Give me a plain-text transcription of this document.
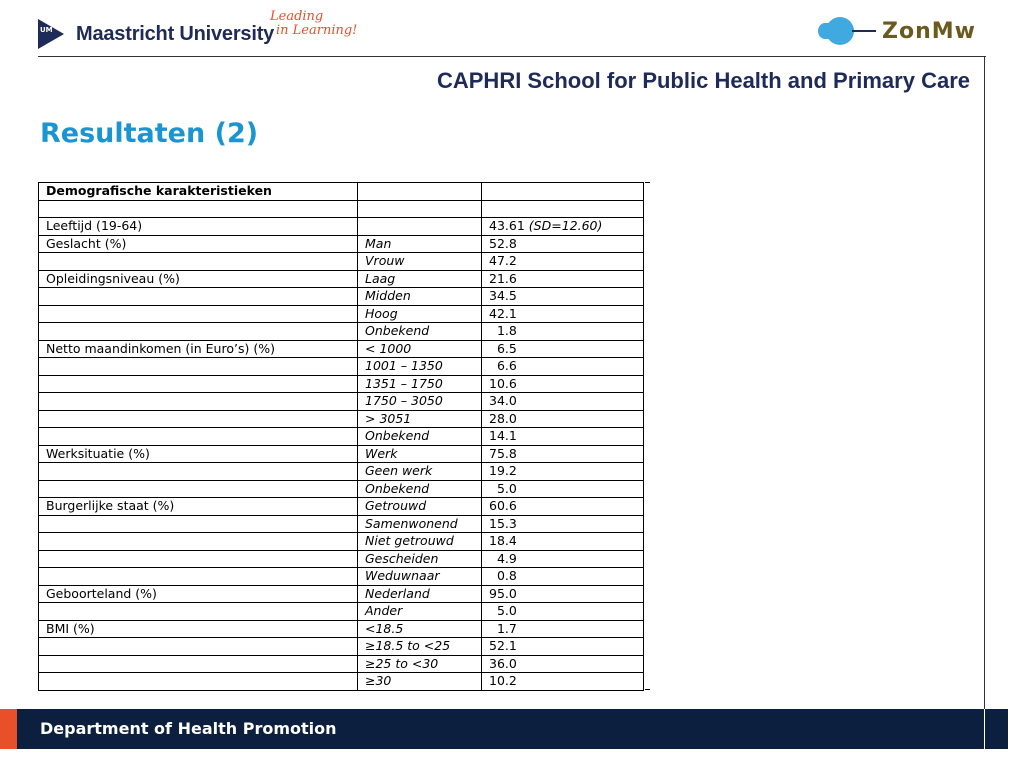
UM Maastricht University
Leading
in Learning!	ZonMw
CAPHRI School for Public Health and Primary Care
Resultaten (2)
Demografische karakteristieken		

Leeftijd (19-64)		43.61 (SD=12.60)
Geslacht (%)	Man	52.8
	Vrouw	47.2
Opleidingsniveau (%)	Laag	21.6
	Midden	34.5
	Hoog	42.1
	Onbekend	1.8
Netto maandinkomen (in Euro’s) (%)	< 1000	6.5
	1001 – 1350	6.6
	1351 – 1750	10.6
	1750 – 3050	34.0
	> 3051	28.0
	Onbekend	14.1
Werksituatie (%)	Werk	75.8
	Geen werk	19.2
	Onbekend	5.0
Burgerlijke staat (%)	Getrouwd	60.6
	Samenwonend	15.3
	Niet getrouwd	18.4
	Gescheiden	4.9
	Weduwnaar	0.8
Geboorteland (%)	Nederland	95.0
	Ander	5.0
BMI (%)	<18.5	1.7
	≥18.5 to <25	52.1
	≥25 to <30	36.0
	≥30	10.2
Department of Health Promotion
